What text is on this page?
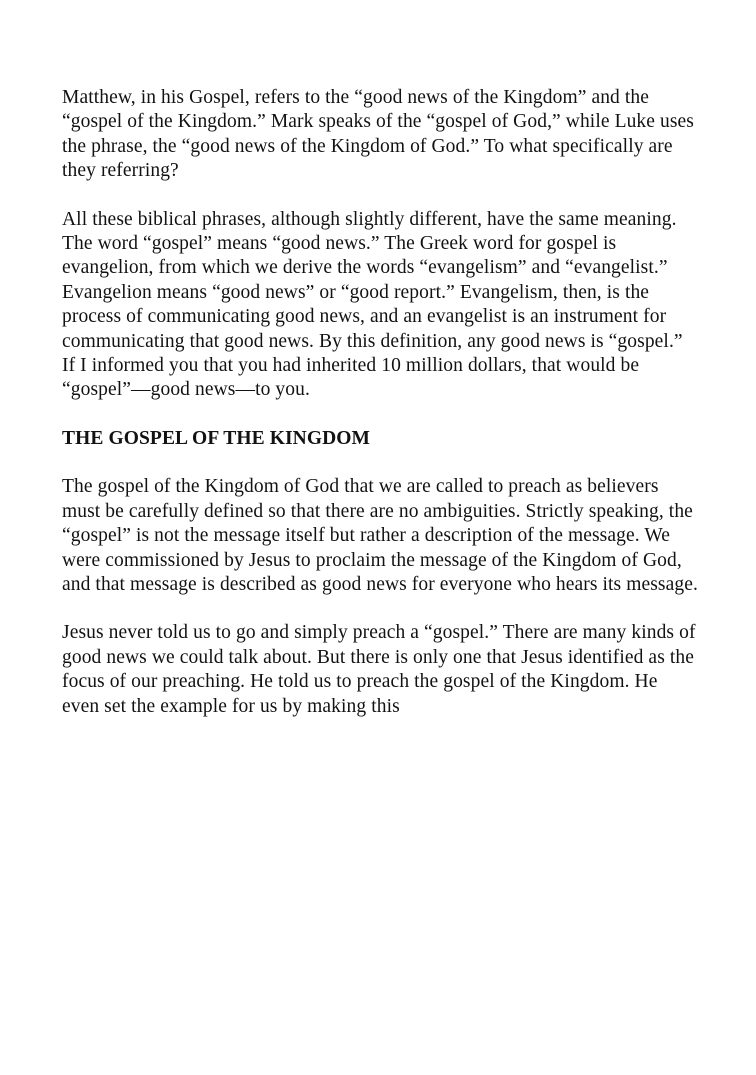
Matthew, in his Gospel, refers to the “good news of the Kingdom” and the “gospel of the Kingdom.” Mark speaks of the “gospel of God,” while Luke uses the phrase, the “good news of the Kingdom of God.” To what specifically are they referring?

All these biblical phrases, although slightly different, have the same meaning. The word “gospel” means “good news.” The Greek word for gospel is evangelion, from which we derive the words “evangelism” and “evangelist.” Evangelion means “good news” or “good report.” Evangelism, then, is the process of communicating good news, and an evangelist is an instrument for communicating that good news. By this definition, any good news is “gospel.” If I informed you that you had inherited 10 million dollars, that would be “gospel”—good news—to you.

THE GOSPEL OF THE KINGDOM

The gospel of the Kingdom of God that we are called to preach as believers must be carefully defined so that there are no ambiguities. Strictly speaking, the “gospel” is not the message itself but rather a description of the message. We were commissioned by Jesus to proclaim the message of the Kingdom of God, and that message is described as good news for everyone who hears its message.

Jesus never told us to go and simply preach a “gospel.” There are many kinds of good news we could talk about. But there is only one that Jesus identified as the focus of our preaching. He told us to preach the gospel of the Kingdom. He even set the example for us by making this
